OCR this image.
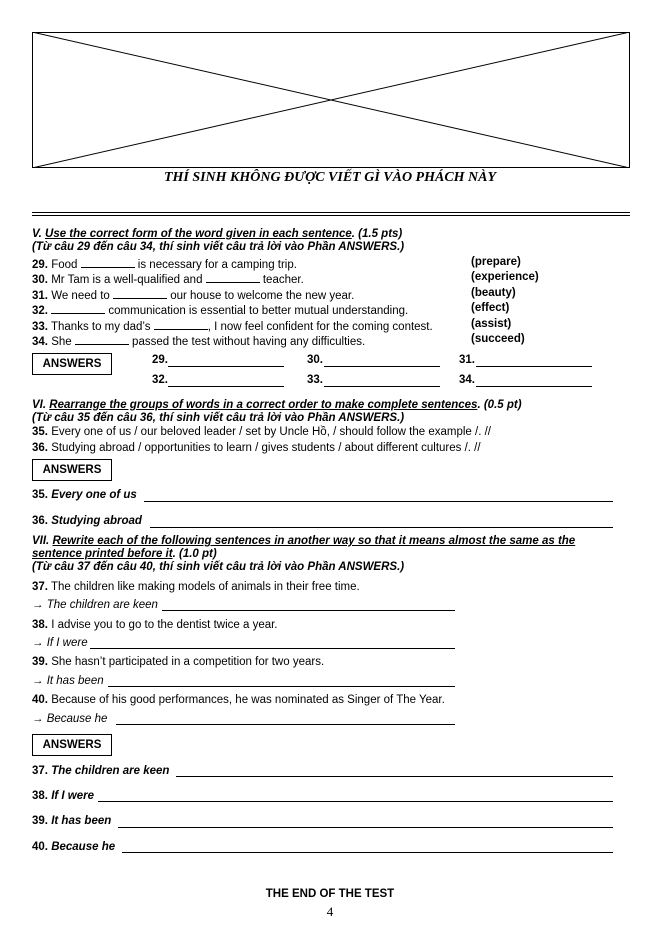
THÍ SINH KHÔNG ĐƯỢC VIẾT GÌ VÀO PHÁCH NÀY
V. Use the correct form of the word given in each sentence. (1.5 pts)
(Từ câu 29 đến câu 34, thí sinh viết câu trả lời vào Phần ANSWERS.)
29. Food	is necessary for a camping trip.	(prepare)
30. Mr Tam is a well-qualified and	teacher.	(experience)
31. We need to	our house to welcome the new year.	(beauty)
32.	communication is essential to better mutual understanding.	(effect)
33. Thanks to my dad’s	, I now feel confident for the coming contest.	(assist)
34. She	passed the test without having any difficulties.	(succeed)
ANSWERS	29.	30.	31.
32.	33.	34.
VI. Rearrange the groups of words in a correct order to make complete sentences. (0.5 pt)
(Từ câu 35 đến câu 36, thí sinh viết câu trả lời vào Phần ANSWERS.)
35. Every one of us / our beloved leader / set by Uncle Hồ, / should follow the example /. //
36. Studying abroad / opportunities to learn / gives students / about different cultures /. //
ANSWERS
35. Every one of us
36. Studying abroad
VII. Rewrite each of the following sentences in another way so that it means almost the same as the
sentence printed before it. (1.0 pt)
(Từ câu 37 đến câu 40, thí sinh viết câu trả lời vào Phần ANSWERS.)
37. The children like making models of animals in their free time.
→ The children are keen
38. I advise you to go to the dentist twice a year.
→ If I were
39. She hasn’t participated in a competition for two years.
→ It has been
40. Because of his good performances, he was nominated as Singer of The Year.
→ Because he
ANSWERS
37. The children are keen
38. If I were
39. It has been
40. Because he
THE END OF THE TEST
4
